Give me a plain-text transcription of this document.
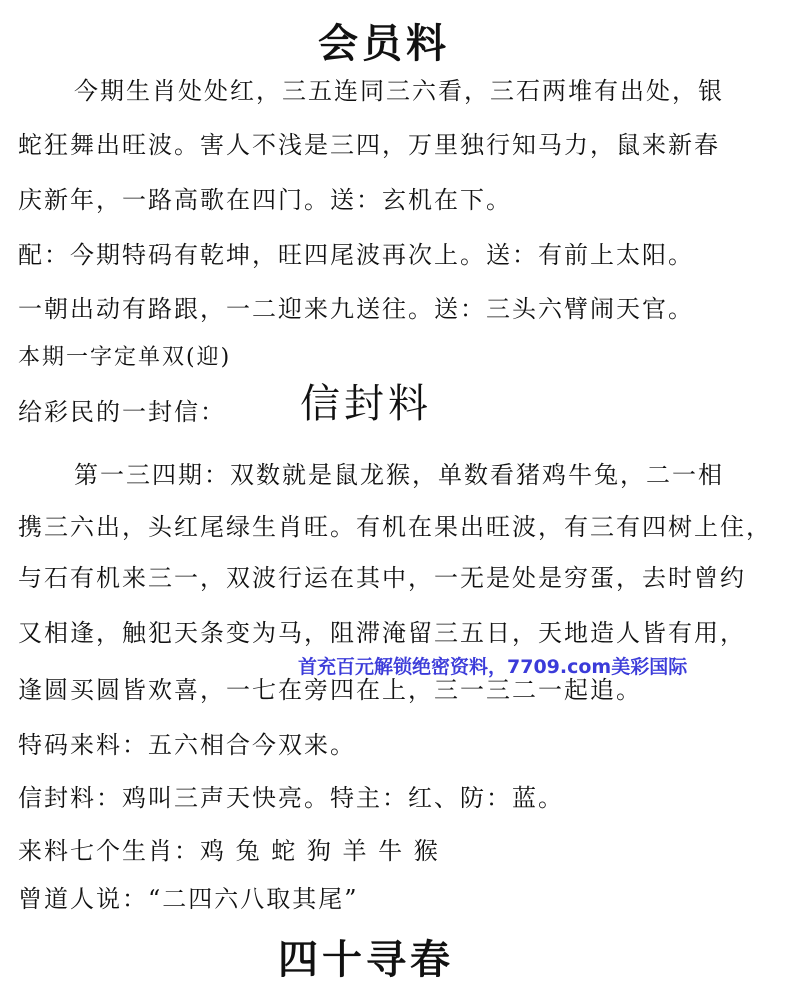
会员料
今期生肖处处红，三五连同三六看，三石两堆有出处，银
蛇狂舞出旺波。害人不浅是三四，万里独行知马力，鼠来新春
庆新年，一路高歌在四门。送：玄机在下。
配：今期特码有乾坤，旺四尾波再次上。送：有前上太阳。
一朝出动有路跟，一二迎来九送往。送：三头六臂闹天官。
本期一字定单双(迎)
给彩民的一封信： 信封料
第一三四期：双数就是鼠龙猴，单数看猪鸡牛兔，二一相
携三六出，头红尾绿生肖旺。有机在果出旺波，有三有四树上住，
与石有机来三一，双波行运在其中，一无是处是穷蛋，去时曾约
又相逢，触犯天条变为马，阻滞淹留三五日，天地造人皆有用，
首充百元解锁绝密资料，7709.com美彩国际
逢圆买圆皆欢喜，一七在旁四在上，三一三二一起追。
特码来料：五六相合今双来。
信封料：鸡叫三声天快亮。特主：红、防：蓝。
来料七个生肖：鸡 兔 蛇 狗 羊 牛 猴
曾道人说：“二四六八取其尾”
四十寻春
